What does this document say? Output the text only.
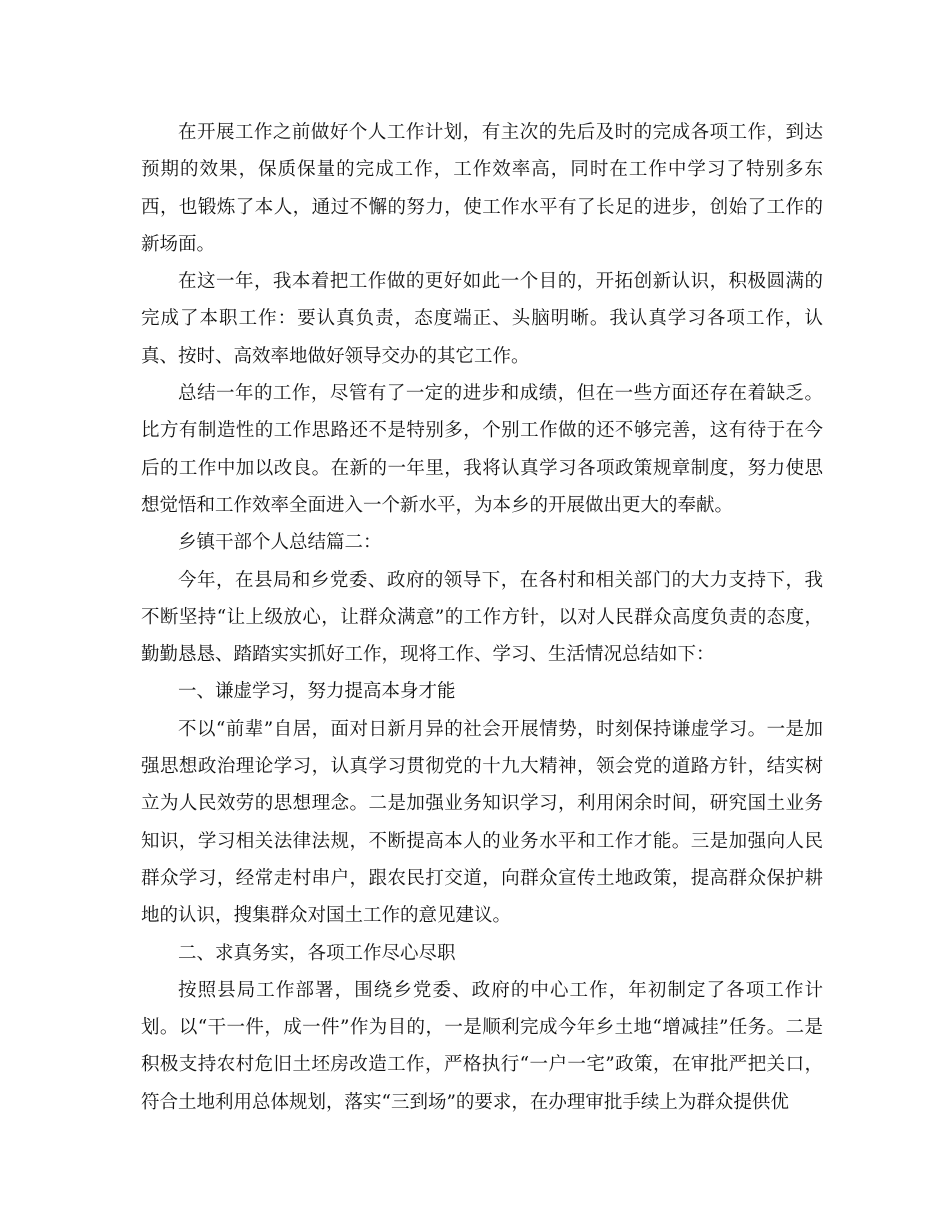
在开展工作之前做好个人工作计划，有主次的先后及时的完成各项工作，到达预期的效果，保质保量的完成工作，工作效率高，同时在工作中学习了特别多东西，也锻炼了本人，通过不懈的努力，使工作水平有了长足的进步，创始了工作的新场面。

在这一年，我本着把工作做的更好如此一个目的，开拓创新认识，积极圆满的完成了本职工作：要认真负责，态度端正、头脑明晰。我认真学习各项工作，认真、按时、高效率地做好领导交办的其它工作。

总结一年的工作，尽管有了一定的进步和成绩，但在一些方面还存在着缺乏。比方有制造性的工作思路还不是特别多，个别工作做的还不够完善，这有待于在今后的工作中加以改良。在新的一年里，我将认真学习各项政策规章制度，努力使思想觉悟和工作效率全面进入一个新水平，为本乡的开展做出更大的奉献。

乡镇干部个人总结篇二：

今年，在县局和乡党委、政府的领导下，在各村和相关部门的大力支持下，我不断坚持“让上级放心，让群众满意”的工作方针，以对人民群众高度负责的态度，勤勤恳恳、踏踏实实抓好工作，现将工作、学习、生活情况总结如下：

一、谦虚学习，努力提高本身才能

不以“前辈”自居，面对日新月异的社会开展情势，时刻保持谦虚学习。一是加强思想政治理论学习，认真学习贯彻党的十九大精神，领会党的道路方针，结实树立为人民效劳的思想理念。二是加强业务知识学习，利用闲余时间，研究国土业务知识，学习相关法律法规，不断提高本人的业务水平和工作才能。三是加强向人民群众学习，经常走村串户，跟农民打交道，向群众宣传土地政策，提高群众保护耕地的认识，搜集群众对国土工作的意见建议。

二、求真务实，各项工作尽心尽职

按照县局工作部署，围绕乡党委、政府的中心工作，年初制定了各项工作计划。以“干一件，成一件”作为目的，一是顺利完成今年乡土地“增减挂”任务。二是积极支持农村危旧土坯房改造工作，严格执行“一户一宅”政策，在审批严把关口，符合土地利用总体规划，落实“三到场”的要求，在办理审批手续上为群众提供优
